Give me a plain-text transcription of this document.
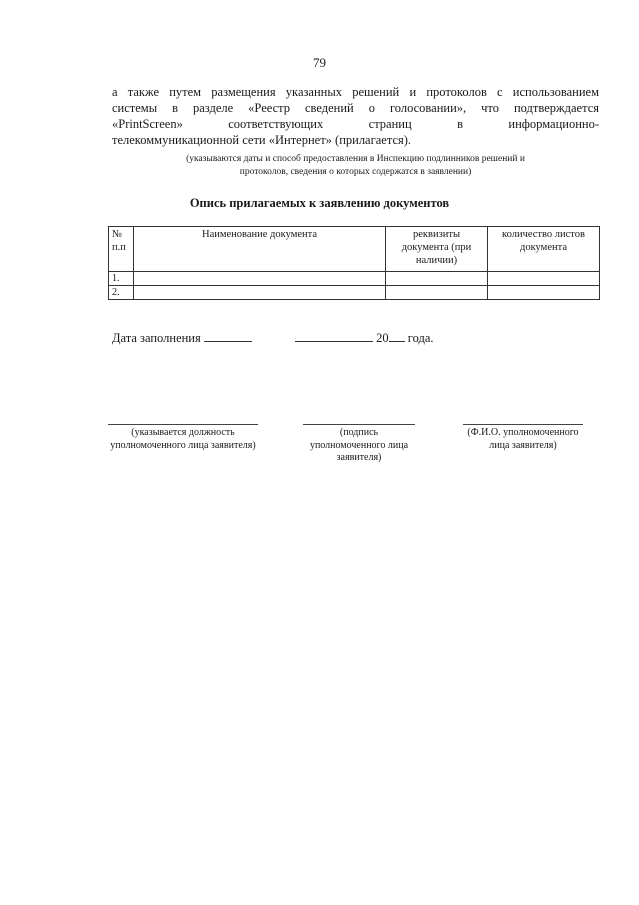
79
а также путем размещения указанных решений и протоколов с использованием
системы в разделе «Реестр сведений о голосовании», что подтверждается
«PrintScreen» соответствующих страниц в информационно-
телекоммуникационной сети «Интернет» (прилагается).
(указываются даты и способ предоставления в Инспекцию подлинников решений и
протоколов, сведения о которых содержатся в заявлении)
Опись прилагаемых к заявлению документов
№ п.п	Наименование документа	реквизиты документа (при наличии)	количество листов документа
1.			
2.			
Дата заполнения	20 года.
(указывается должность уполномоченного лица заявителя)
(подпись уполномоченного лица заявителя)
(Ф.И.О. уполномоченного лица заявителя)
